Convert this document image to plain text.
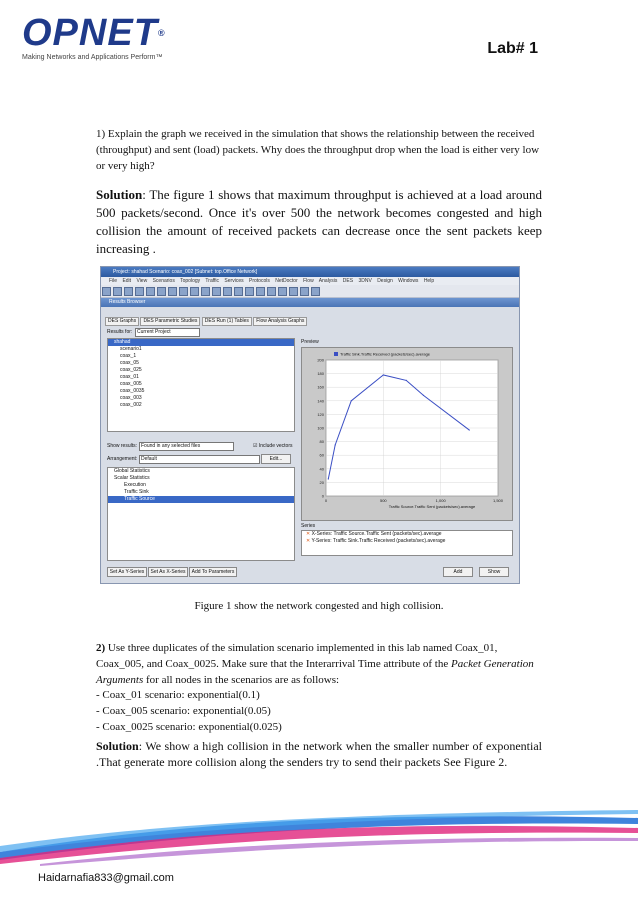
OPNET®
Making Networks and Applications Perform™
Lab# 1
1) Explain the graph we received in the simulation that shows the relationship between the received (throughput) and sent (load) packets. Why does the throughput drop when the load is either very low or very high?
Solution: The figure 1 shows that maximum throughput is achieved at a load around 500 packets/second. Once it's over 500 the network becomes congested and high collision the amount of received packets can decrease once the sent packets keep increasing .
Project: shahad Scenario: coax_002 [Subnet: top.Office Network]
File Edit View Scenarios Topology Traffic Services Protocols NetDoctor Flow Analysis DES 3DNV Design Windows Help
Results Browser
DES Graphs DES Parametric Studies DES Run (1) Tables Flow Analysis Graphs
Results for: Current Project
shahad
scenario1
coax_1
coax_05
coax_025
coax_01
coax_005
coax_0035
coax_003
coax_002
Show results: Found in any selected files	☑ Include vectors
Arrangement: Default	Edit...
Global Statistics
Scalar Statistics
Execution
Traffic Sink
Traffic Source
Set As Y-Series	Set As X-Series	Add To Parameters
Preview
0
20
40
60
80
100
120
140
160
180
200
0	500	1,000	1,500
Traffic Sink.Traffic Received (packets/sec).average
Traffic Source.Traffic Sent (packets/sec).average
Series
✕ X-Series: Traffic Source.Traffic Sent (packets/sec).average
✕ Y-Series: Traffic Sink.Traffic Received (packets/sec).average
Add	Show
Figure 1 show the network congested and high collision.
2) Use three duplicates of the simulation scenario implemented in this lab named Coax_01, Coax_005, and Coax_0025. Make sure that the Interarrival Time attribute of the Packet Generation Arguments for all nodes in the scenarios are as follows:
- Coax_01 scenario: exponential(0.1)
- Coax_005 scenario: exponential(0.05)
- Coax_0025 scenario: exponential(0.025)
Solution: We show a high collision in the network when the smaller number of exponential .That generate more collision along the senders try to send their packets See Figure 2.
Haidarnafia833@gmail.com
